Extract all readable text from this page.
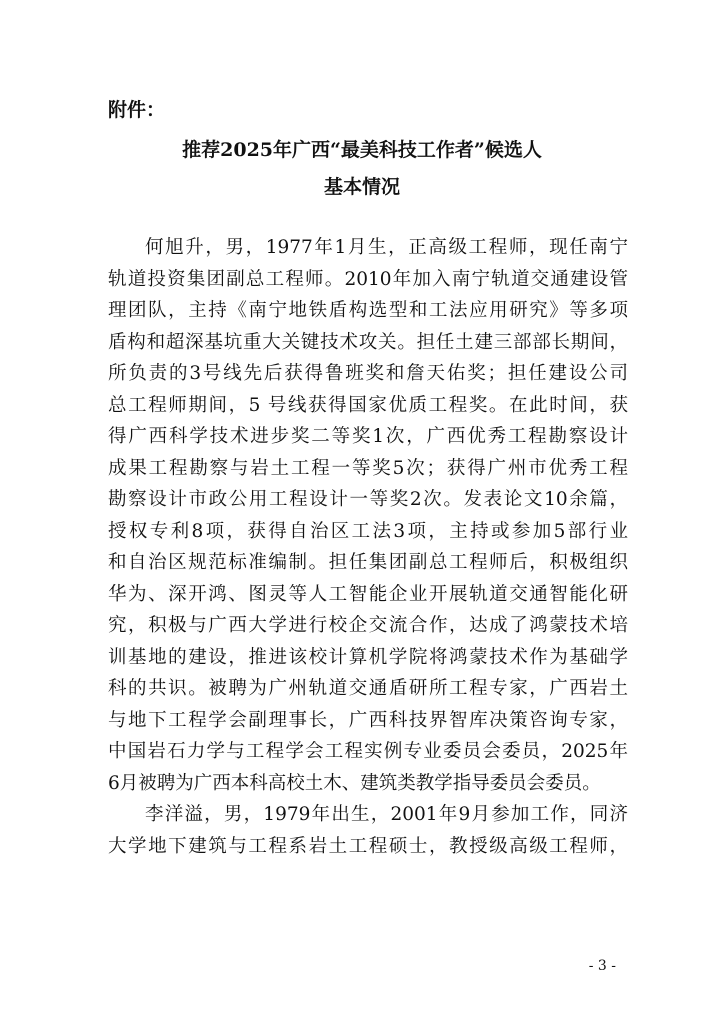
附件：
推荐2025年广西“最美科技工作者”候选人
基本情况
何旭升，男，1977年1月生，正高级工程师，现任南宁
轨道投资集团副总工程师。2010年加入南宁轨道交通建设管
理团队，主持《南宁地铁盾构选型和工法应用研究》等多项
盾构和超深基坑重大关键技术攻关。担任土建三部部长期间，
所负责的3号线先后获得鲁班奖和詹天佑奖；担任建设公司
总工程师期间，5 号线获得国家优质工程奖。在此时间，获
得广西科学技术进步奖二等奖1次，广西优秀工程勘察设计
成果工程勘察与岩土工程一等奖5次；获得广州市优秀工程
勘察设计市政公用工程设计一等奖2次。发表论文10余篇，
授权专利8项，获得自治区工法3项，主持或参加5部行业
和自治区规范标准编制。担任集团副总工程师后，积极组织
华为、深开鸿、图灵等人工智能企业开展轨道交通智能化研
究，积极与广西大学进行校企交流合作，达成了鸿蒙技术培
训基地的建设，推进该校计算机学院将鸿蒙技术作为基础学
科的共识。被聘为广州轨道交通盾研所工程专家，广西岩土
与地下工程学会副理事长，广西科技界智库决策咨询专家，
中国岩石力学与工程学会工程实例专业委员会委员，2025年
6月被聘为广西本科高校土木、建筑类教学指导委员会委员。
李洋溢，男，1979年出生，2001年9月参加工作，同济
大学地下建筑与工程系岩土工程硕士，教授级高级工程师，
- 3 -
